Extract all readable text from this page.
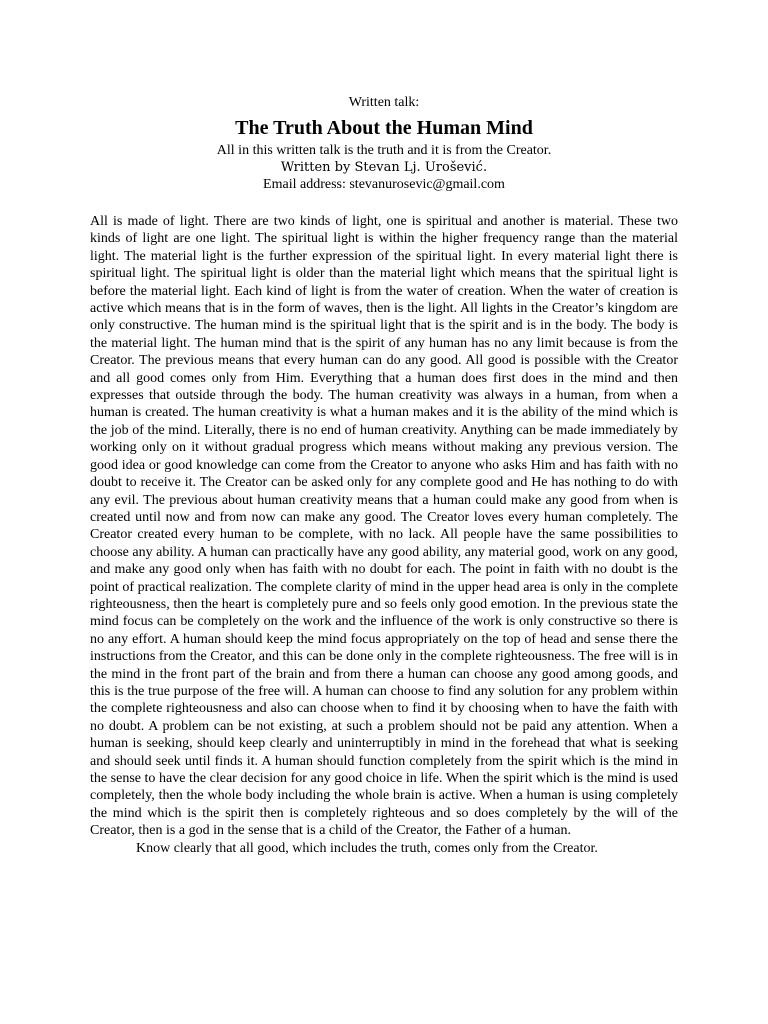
Written talk:

The Truth About the Human Mind

All in this written talk is the truth and it is from the Creator.

Written by Stevan Lj. Urošević.

Email address: stevanurosevic@gmail.com

All is made of light. There are two kinds of light, one is spiritual and another is material. These two kinds of light are one light. The spiritual light is within the higher frequency range than the material light. The material light is the further expression of the spiritual light. In every material light there is spiritual light. The spiritual light is older than the material light which means that the spiritual light is before the material light. Each kind of light is from the water of creation. When the water of creation is active which means that is in the form of waves, then is the light. All lights in the Creator’s kingdom are only constructive. The human mind is the spiritual light that is the spirit and is in the body. The body is the material light. The human mind that is the spirit of any human has no any limit because is from the Creator. The previous means that every human can do any good. All good is possible with the Creator and all good comes only from Him. Everything that a human does first does in the mind and then expresses that outside through the body. The human creativity was always in a human, from when a human is created. The human creativity is what a human makes and it is the ability of the mind which is the job of the mind. Literally, there is no end of human creativity. Anything can be made immediately by working only on it without gradual progress which means without making any previous version. The good idea or good knowledge can come from the Creator to anyone who asks Him and has faith with no doubt to receive it. The Creator can be asked only for any complete good and He has nothing to do with any evil. The previous about human creativity means that a human could make any good from when is created until now and from now can make any good. The Creator loves every human completely. The Creator created every human to be complete, with no lack. All people have the same possibilities to choose any ability. A human can practically have any good ability, any material good, work on any good, and make any good only when has faith with no doubt for each. The point in faith with no doubt is the point of practical realization. The complete clarity of mind in the upper head area is only in the complete righteousness, then the heart is completely pure and so feels only good emotion. In the previous state the mind focus can be completely on the work and the influence of the work is only constructive so there is no any effort. A human should keep the mind focus appropriately on the top of head and sense there the instructions from the Creator, and this can be done only in the complete righteousness. The free will is in the mind in the front part of the brain and from there a human can choose any good among goods, and this is the true purpose of the free will. A human can choose to find any solution for any problem within the complete righteousness and also can choose when to find it by choosing when to have the faith with no doubt. A problem can be not existing, at such a problem should not be paid any attention. When a human is seeking, should keep clearly and uninterruptibly in mind in the forehead that what is seeking and should seek until finds it. A human should function completely from the spirit which is the mind in the sense to have the clear decision for any good choice in life. When the spirit which is the mind is used completely, then the whole body including the whole brain is active. When a human is using completely the mind which is the spirit then is completely righteous and so does completely by the will of the Creator, then is a god in the sense that is a child of the Creator, the Father of a human.

Know clearly that all good, which includes the truth, comes only from the Creator.
